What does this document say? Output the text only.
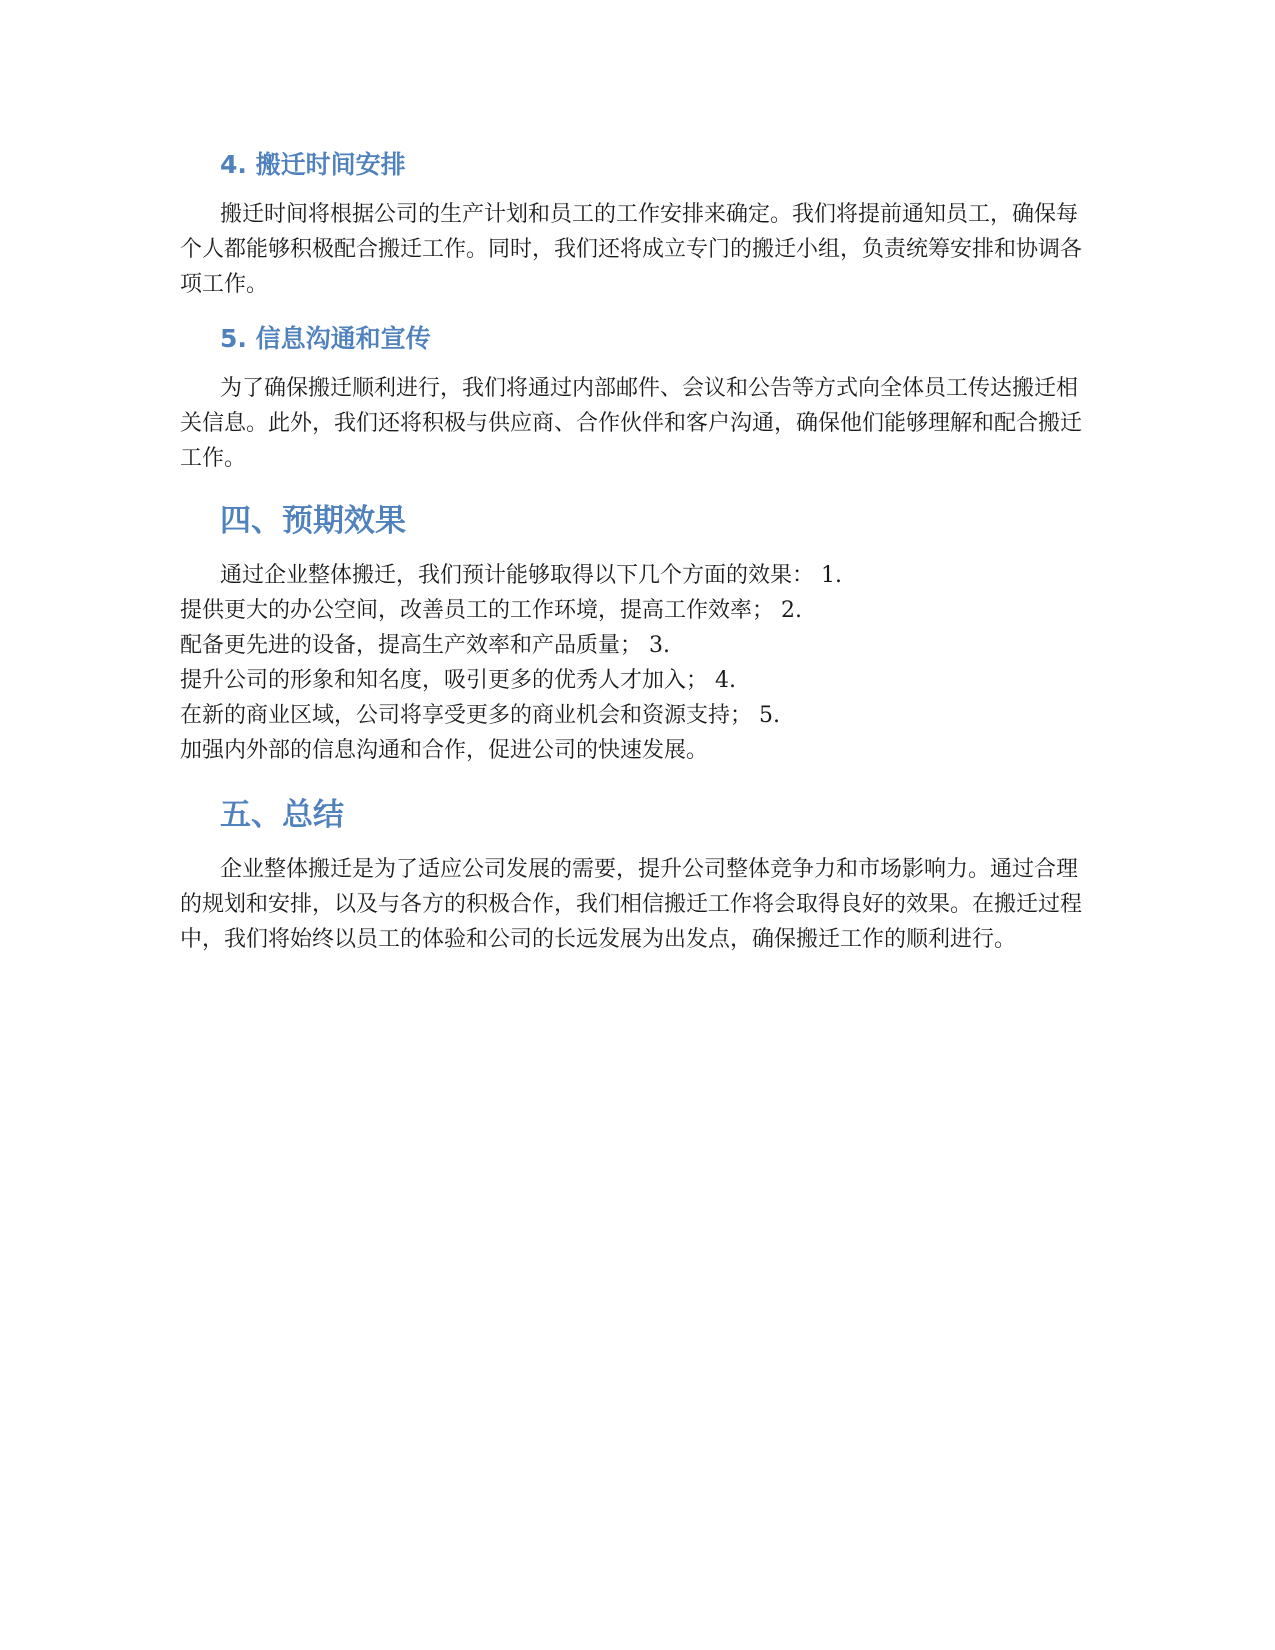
4. 搬迁时间安排

搬迁时间将根据公司的生产计划和员工的工作安排来确定。我们将提前通知员工，确保每个人都能够积极配合搬迁工作。同时，我们还将成立专门的搬迁小组，负责统筹安排和协调各项工作。

5. 信息沟通和宣传

为了确保搬迁顺利进行，我们将通过内部邮件、会议和公告等方式向全体员工传达搬迁相关信息。此外，我们还将积极与供应商、合作伙伴和客户沟通，确保他们能够理解和配合搬迁工作。

四、预期效果
通过企业整体搬迁，我们预计能够取得以下几个方面的效果： 1.
提供更大的办公空间，改善员工的工作环境，提高工作效率； 2.
配备更先进的设备，提高生产效率和产品质量； 3.
提升公司的形象和知名度，吸引更多的优秀人才加入； 4.
在新的商业区域，公司将享受更多的商业机会和资源支持； 5.
加强内外部的信息沟通和合作，促进公司的快速发展。
五、总结

企业整体搬迁是为了适应公司发展的需要，提升公司整体竞争力和市场影响力。通过合理的规划和安排，以及与各方的积极合作，我们相信搬迁工作将会取得良好的效果。在搬迁过程中，我们将始终以员工的体验和公司的长远发展为出发点，确保搬迁工作的顺利进行。
